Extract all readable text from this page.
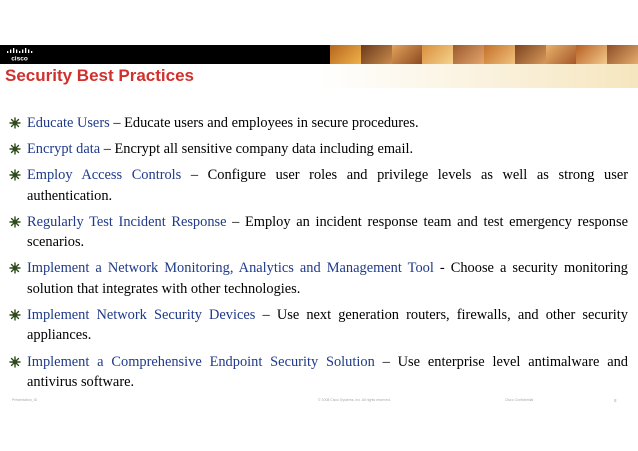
cisco
Security Best Practices
Educate Users – Educate users and employees in secure procedures.
Encrypt data – Encrypt all sensitive company data including email.
Employ Access Controls – Configure user roles and privilege levels as well as strong user authentication.
Regularly Test Incident Response – Employ an incident response team and test emergency response scenarios.
Implement a Network Monitoring, Analytics and Management Tool - Choose a security monitoring solution that integrates with other technologies.
Implement Network Security Devices – Use next generation routers, firewalls, and other security appliances.
Implement a Comprehensive Endpoint Security Solution – Use enterprise level antimalware and antivirus software.
Presentation_ID	© 2008 Cisco Systems, Inc. All rights reserved.	Cisco Confidential	8
